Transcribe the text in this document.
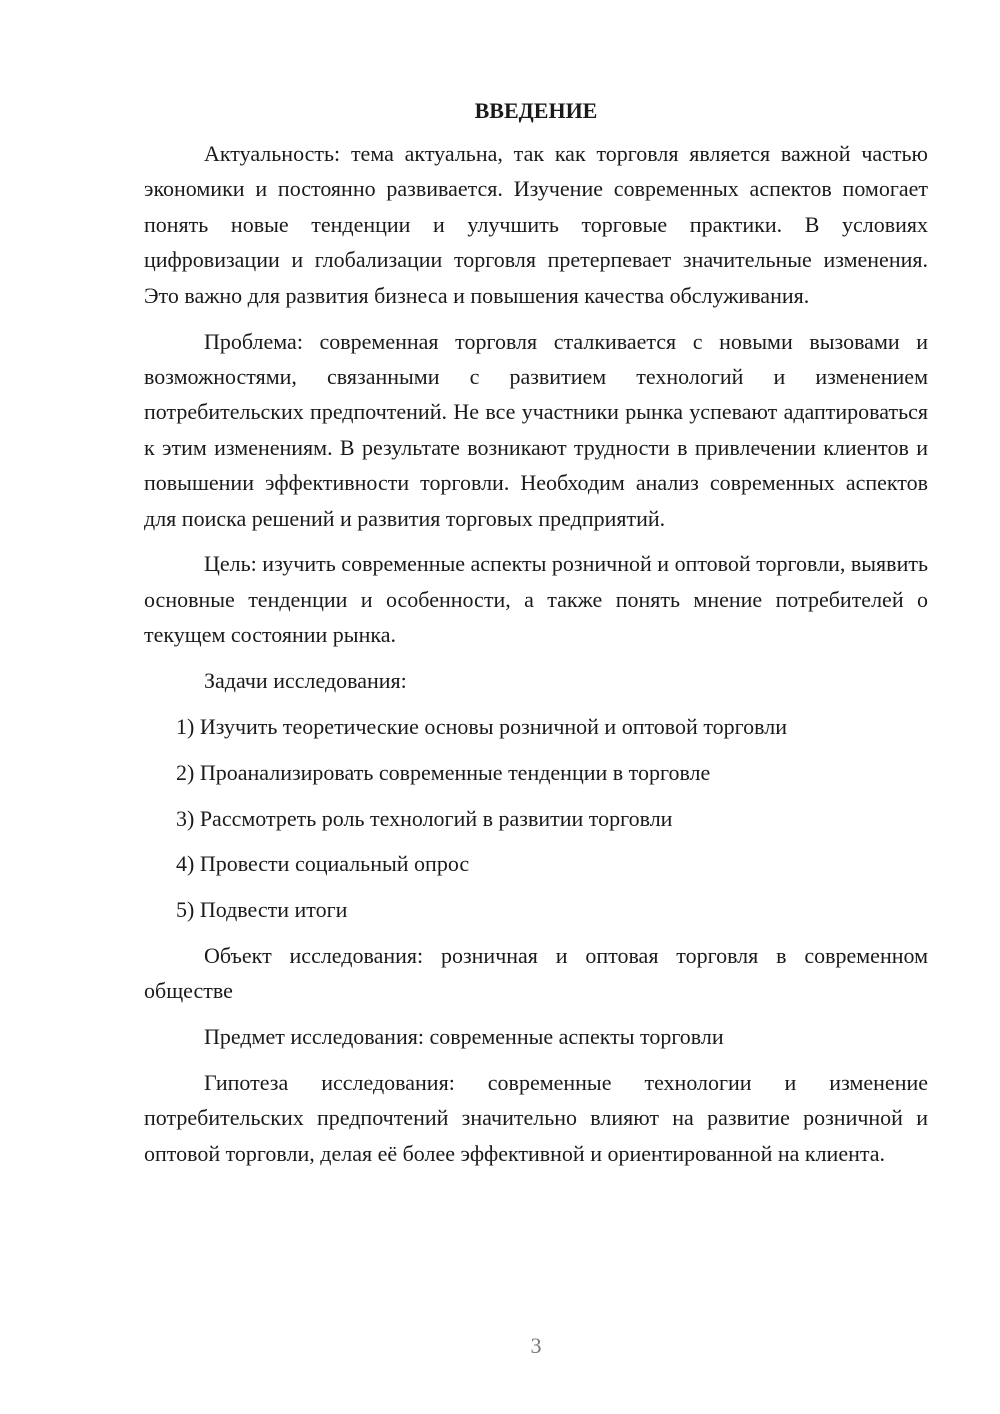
ВВЕДЕНИЕ

Актуальность: тема актуальна, так как торговля является важной частью экономики и постоянно развивается. Изучение современных аспектов помогает понять новые тенденции и улучшить торговые практики. В условиях цифровизации и глобализации торговля претерпевает значительные изменения. Это важно для развития бизнеса и повышения качества обслуживания.

Проблема: современная торговля сталкивается с новыми вызовами и возможностями, связанными с развитием технологий и изменением потребительских предпочтений. Не все участники рынка успевают адаптироваться к этим изменениям. В результате возникают трудности в привлечении клиентов и повышении эффективности торговли. Необходим анализ современных аспектов для поиска решений и развития торговых предприятий.

Цель: изучить современные аспекты розничной и оптовой торговли, выявить основные тенденции и особенности, а также понять мнение потребителей о текущем состоянии рынка.

Задачи исследования:

1) Изучить теоретические основы розничной и оптовой торговли
2) Проанализировать современные тенденции в торговле
3) Рассмотреть роль технологий в развитии торговли
4) Провести социальный опрос
5) Подвести итоги

Объект исследования: розничная и оптовая торговля в современном обществе

Предмет исследования: современные аспекты торговли

Гипотеза исследования: современные технологии и изменение потребительских предпочтений значительно влияют на развитие розничной и оптовой торговли, делая её более эффективной и ориентированной на клиента.

3
